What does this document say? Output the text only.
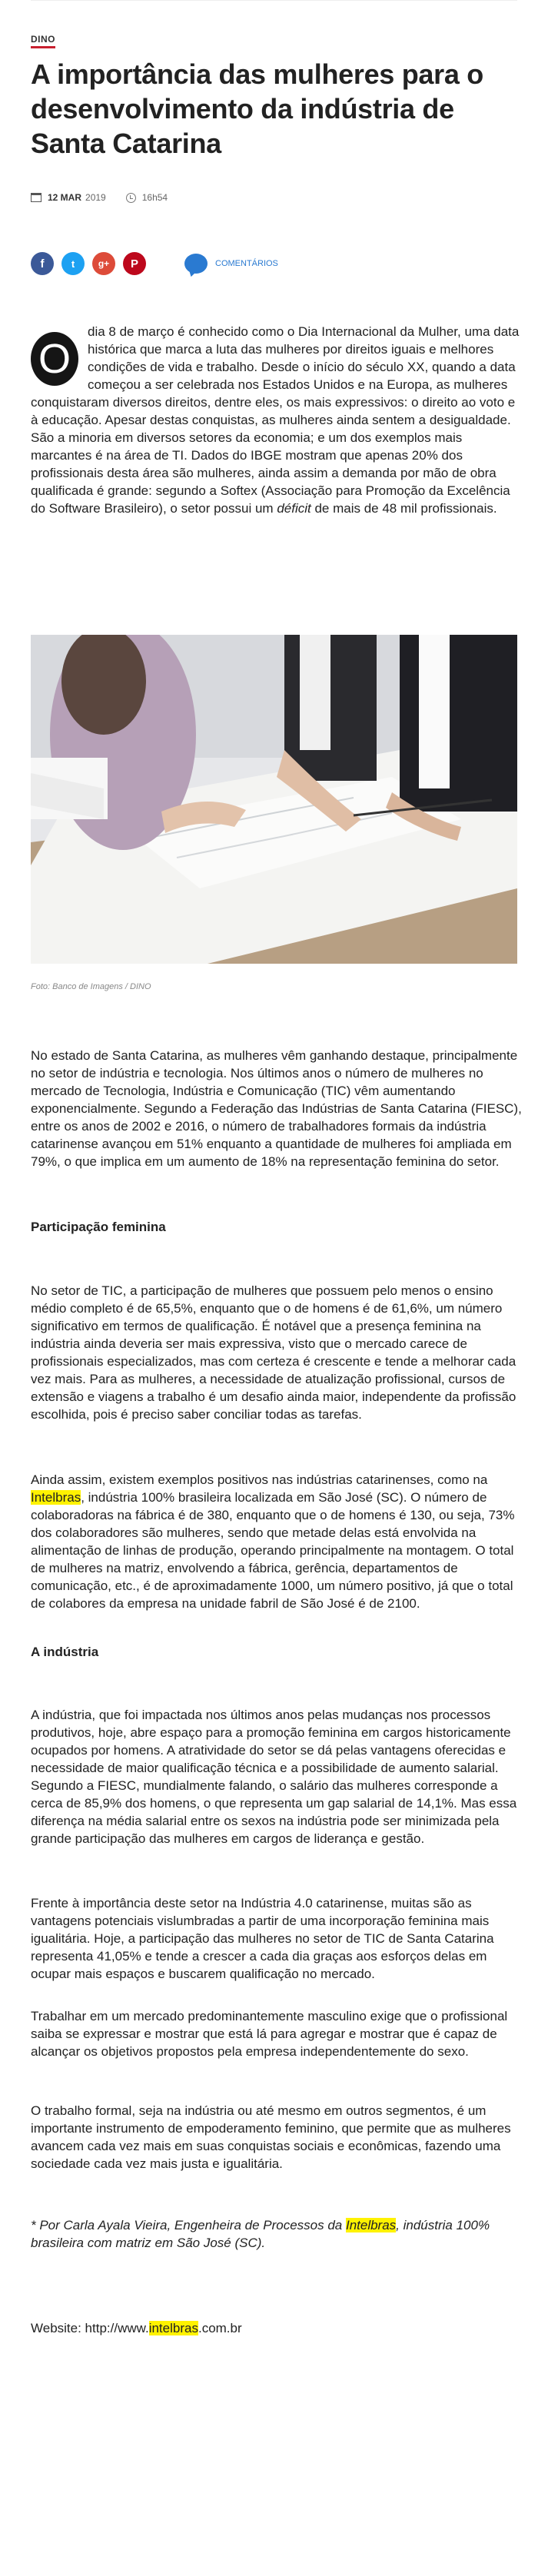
DINO
A importância das mulheres para o desenvolvimento da indústria de Santa Catarina
12 MAR 2019	16h54
f	t	g+	P	COMENTÁRIOS

O
dia 8 de março é conhecido como o Dia Internacional da Mulher, uma data histórica que marca a luta das mulheres por direitos iguais e melhores condições de vida e trabalho. Desde o início do século XX, quando a data começou a ser celebrada nos Estados Unidos e na Europa, as mulheres conquistaram diversos direitos, dentre eles, os mais expressivos: o direito ao voto e à educação. Apesar destas conquistas, as mulheres ainda sentem a desigualdade. São a minoria em diversos setores da economia; e um dos exemplos mais marcantes é na área de TI. Dados do IBGE mostram que apenas 20% dos profissionais desta área são mulheres, ainda assim a demanda por mão de obra qualificada é grande: segundo a Softex (Associação para Promoção da Excelência do Software Brasileiro), o setor possui um déficit de mais de 48 mil profissionais.

Foto: Banco de Imagens / DINO
No estado de Santa Catarina, as mulheres vêm ganhando destaque, principalmente no setor de indústria e tecnologia. Nos últimos anos o número de mulheres no mercado de Tecnologia, Indústria e Comunicação (TIC) vêm aumentando exponencialmente. Segundo a Federação das Indústrias de Santa Catarina (FIESC), entre os anos de 2002 e 2016, o número de trabalhadores formais da indústria catarinense avançou em 51% enquanto a quantidade de mulheres foi ampliada em 79%, o que implica em um aumento de 18% na representação feminina do setor.
Participação feminina
No setor de TIC, a participação de mulheres que possuem pelo menos o ensino médio completo é de 65,5%, enquanto que o de homens é de 61,6%, um número significativo em termos de qualificação. É notável que a presença feminina na indústria ainda deveria ser mais expressiva, visto que o mercado carece de profissionais especializados, mas com certeza é crescente e tende a melhorar cada vez mais. Para as mulheres, a necessidade de atualização profissional, cursos de extensão e viagens a trabalho é um desafio ainda maior, independente da profissão escolhida, pois é preciso saber conciliar todas as tarefas.

Ainda assim, existem exemplos positivos nas indústrias catarinenses, como na Intelbras, indústria 100% brasileira localizada em São José (SC). O número de colaboradoras na fábrica é de 380, enquanto que o de homens é 130, ou seja, 73% dos colaboradores são mulheres, sendo que metade delas está envolvida na alimentação de linhas de produção, operando principalmente na montagem. O total de mulheres na matriz, envolvendo a fábrica, gerência, departamentos de comunicação, etc., é de aproximadamente 1000, um número positivo, já que o total de colabores da empresa na unidade fabril de São José é de 2100.

A indústria
A indústria, que foi impactada nos últimos anos pelas mudanças nos processos produtivos, hoje, abre espaço para a promoção feminina em cargos historicamente ocupados por homens. A atratividade do setor se dá pelas vantagens oferecidas e necessidade de maior qualificação técnica e a possibilidade de aumento salarial. Segundo a FIESC, mundialmente falando, o salário das mulheres corresponde a cerca de 85,9% dos homens, o que representa um gap salarial de 14,1%. Mas essa diferença na média salarial entre os sexos na indústria pode ser minimizada pela grande participação das mulheres em cargos de liderança e gestão.
Frente à importância deste setor na Indústria 4.0 catarinense, muitas são as vantagens potenciais vislumbradas a partir de uma incorporação feminina mais igualitária. Hoje, a participação das mulheres no setor de TIC de Santa Catarina representa 41,05% e tende a crescer a cada dia graças aos esforços delas em ocupar mais espaços e buscarem qualificação no mercado.
Trabalhar em um mercado predominantemente masculino exige que o profissional saiba se expressar e mostrar que está lá para agregar e mostrar que é capaz de alcançar os objetivos propostos pela empresa independentemente do sexo.
O trabalho formal, seja na indústria ou até mesmo em outros segmentos, é um importante instrumento de empoderamento feminino, que permite que as mulheres avancem cada vez mais em suas conquistas sociais e econômicas, fazendo uma sociedade cada vez mais justa e igualitária.

* Por Carla Ayala Vieira, Engenheira de Processos da Intelbras, indústria 100% brasileira com matriz em São José (SC).

Website: http://www.intelbras.com.br
